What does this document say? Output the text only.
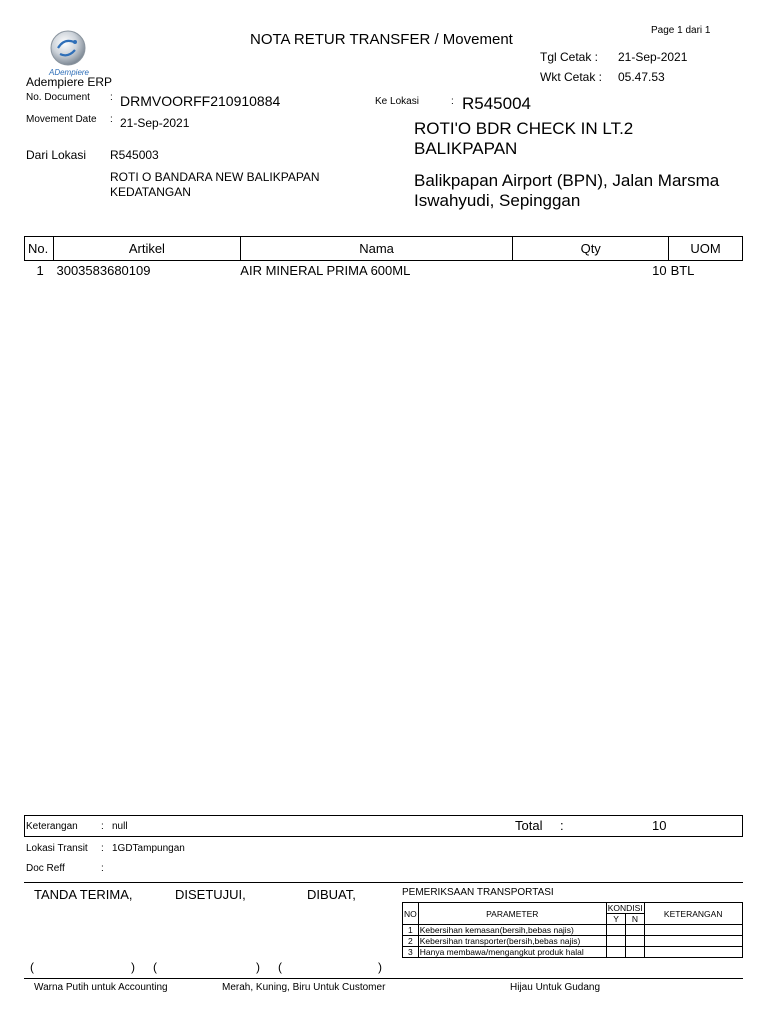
Page 1 dari 1
NOTA RETUR TRANSFER / Movement
ADempiere
Adempiere ERP
Tgl Cetak : 21-Sep-2021
Wkt Cetak : 05.47.53
No. Document : DRMVOORFF210910884
Movement Date : 21-Sep-2021
Dari Lokasi R545003
ROTI O BANDARA NEW BALIKPAPAN
KEDATANGAN
Ke Lokasi	: R545004
ROTI'O BDR CHECK IN LT.2
BALIKPAPAN
Balikpapan Airport (BPN), Jalan Marsma
Iswahyudi, Sepinggan
No.	Artikel	Nama	Qty	UOM
1	3003583680109	AIR MINERAL PRIMA 600ML	10	BTL
Keterangan : null	Total :	10
Lokasi Transit : 1GDTampungan
Doc Reff	:
TANDA TERIMA,	DISETUJUI,	DIBUAT,
(	) (	) (	)
PEMERIKSAAN TRANSPORTASI
NO	PARAMETER	KONDISI		KETERANGAN
		Y	N	
1	Kebersihan kemasan(bersih,bebas najis)			
2	Kebersihan transporter(bersih,bebas najis)			
3	Hanya membawa/mengangkut produk halal			
Warna Putih untuk Accounting	Merah, Kuning, Biru Untuk Customer	Hijau Untuk Gudang
